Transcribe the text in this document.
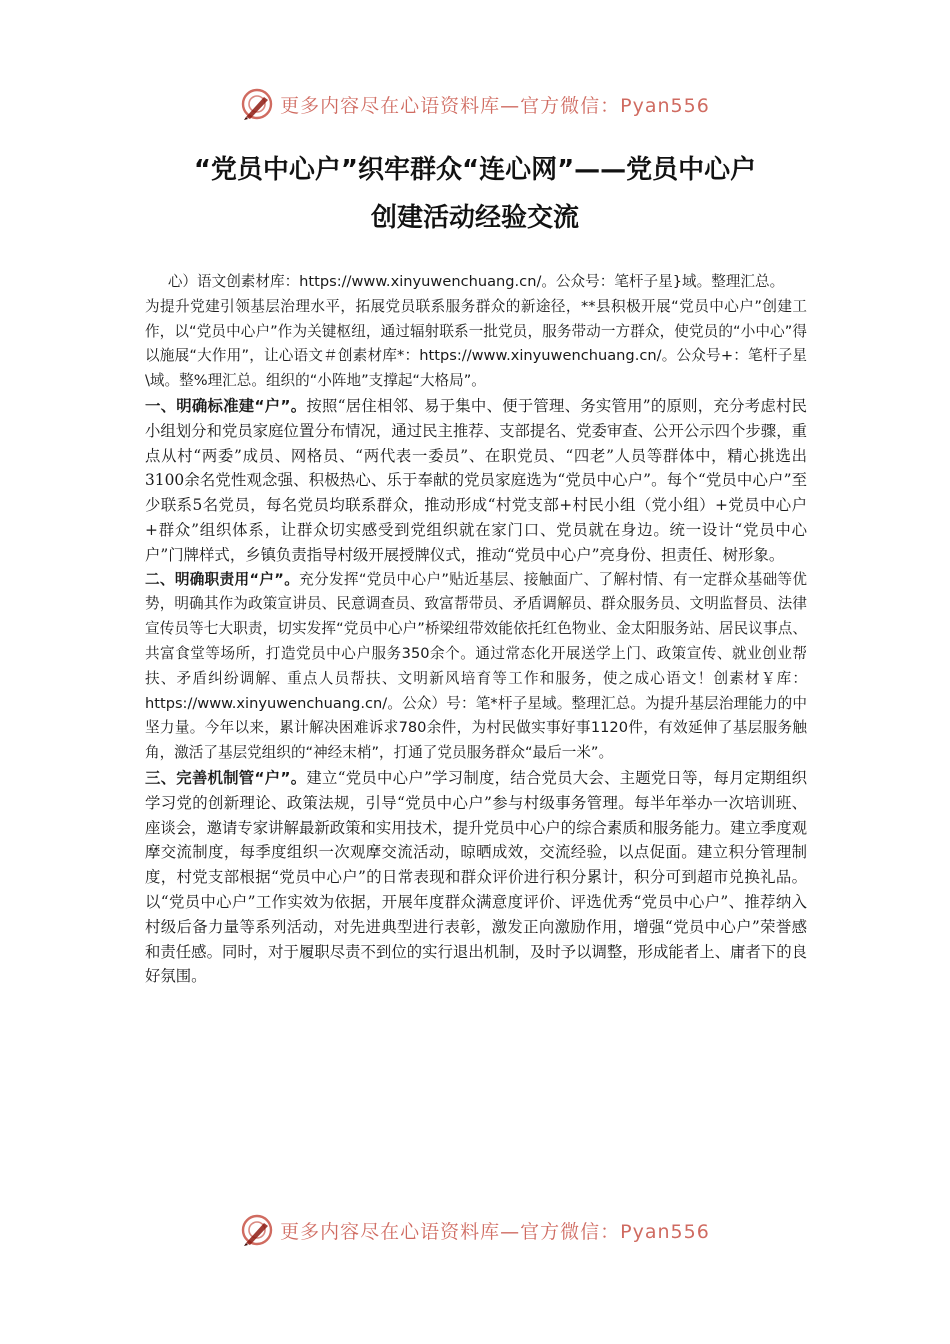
更多内容尽在心语资料库—官方微信：Pyan556
“党员中心户”织牢群众“连心网”——党员中心户
创建活动经验交流

心）语文创素材库：https://www.xinyuwenchuang.cn/。公众号：笔杆子星}域。整理汇总。

为提升党建引领基层治理水平，拓展党员联系服务群众的新途径，**县积极开展“党员中心户”创建工作，以“党员中心户”作为关键枢纽，通过辐射联系一批党员，服务带动一方群众，使党员的“小中心”得以施展“大作用”，让心语文＃创素材库*：https://www.xinyuwenchuang.cn/。公众号+：笔杆子星\域。整%理汇总。组织的“小阵地”支撑起“大格局”。

一、明确标准建“户”。按照“居住相邻、易于集中、便于管理、务实管用”的原则，充分考虑村民小组划分和党员家庭位置分布情况，通过民主推荐、支部提名、党委审查、公开公示四个步骤，重点从村“两委”成员、网格员、“两代表一委员”、在职党员、“四老”人员等群体中，精心挑选出3100余名党性观念强、积极热心、乐于奉献的党员家庭选为“党员中心户”。每个“党员中心户”至少联系5名党员，每名党员均联系群众，推动形成“村党支部+村民小组（党小组）+党员中心户+群众”组织体系，让群众切实感受到党组织就在家门口、党员就在身边。统一设计“党员中心户”门牌样式，乡镇负责指导村级开展授牌仪式，推动“党员中心户”亮身份、担责任、树形象。

二、明确职责用“户”。充分发挥“党员中心户”贴近基层、接触面广、了解村情、有一定群众基础等优势，明确其作为政策宣讲员、民意调查员、致富帮带员、矛盾调解员、群众服务员、文明监督员、法律宣传员等七大职责，切实发挥“党员中心户”桥梁纽带效能依托红色物业、金太阳服务站、居民议事点、共富食堂等场所，打造党员中心户服务350余个。通过常态化开展送学上门、政策宣传、就业创业帮扶、矛盾纠纷调解、重点人员帮扶、文明新风培育等工作和服务，使之成心语文！创素材￥库：https://www.xinyuwenchuang.cn/。公众）号：笔*杆子星域。整理汇总。为提升基层治理能力的中坚力量。今年以来，累计解决困难诉求780余件，为村民做实事好事1120件，有效延伸了基层服务触角，激活了基层党组织的“神经末梢”，打通了党员服务群众“最后一米”。

三、完善机制管“户”。建立“党员中心户”学习制度，结合党员大会、主题党日等，每月定期组织学习党的创新理论、政策法规，引导“党员中心户”参与村级事务管理。每半年举办一次培训班、座谈会，邀请专家讲解最新政策和实用技术，提升党员中心户的综合素质和服务能力。建立季度观摩交流制度，每季度组织一次观摩交流活动，晾晒成效，交流经验，以点促面。建立积分管理制度，村党支部根据“党员中心户”的日常表现和群众评价进行积分累计，积分可到超市兑换礼品。以“党员中心户”工作实效为依据，开展年度群众满意度评价、评选优秀“党员中心户”、推荐纳入村级后备力量等系列活动，对先进典型进行表彰，激发正向激励作用，增强“党员中心户”荣誉感和责任感。同时，对于履职尽责不到位的实行退出机制，及时予以调整，形成能者上、庸者下的良好氛围。

更多内容尽在心语资料库—官方微信：Pyan556
